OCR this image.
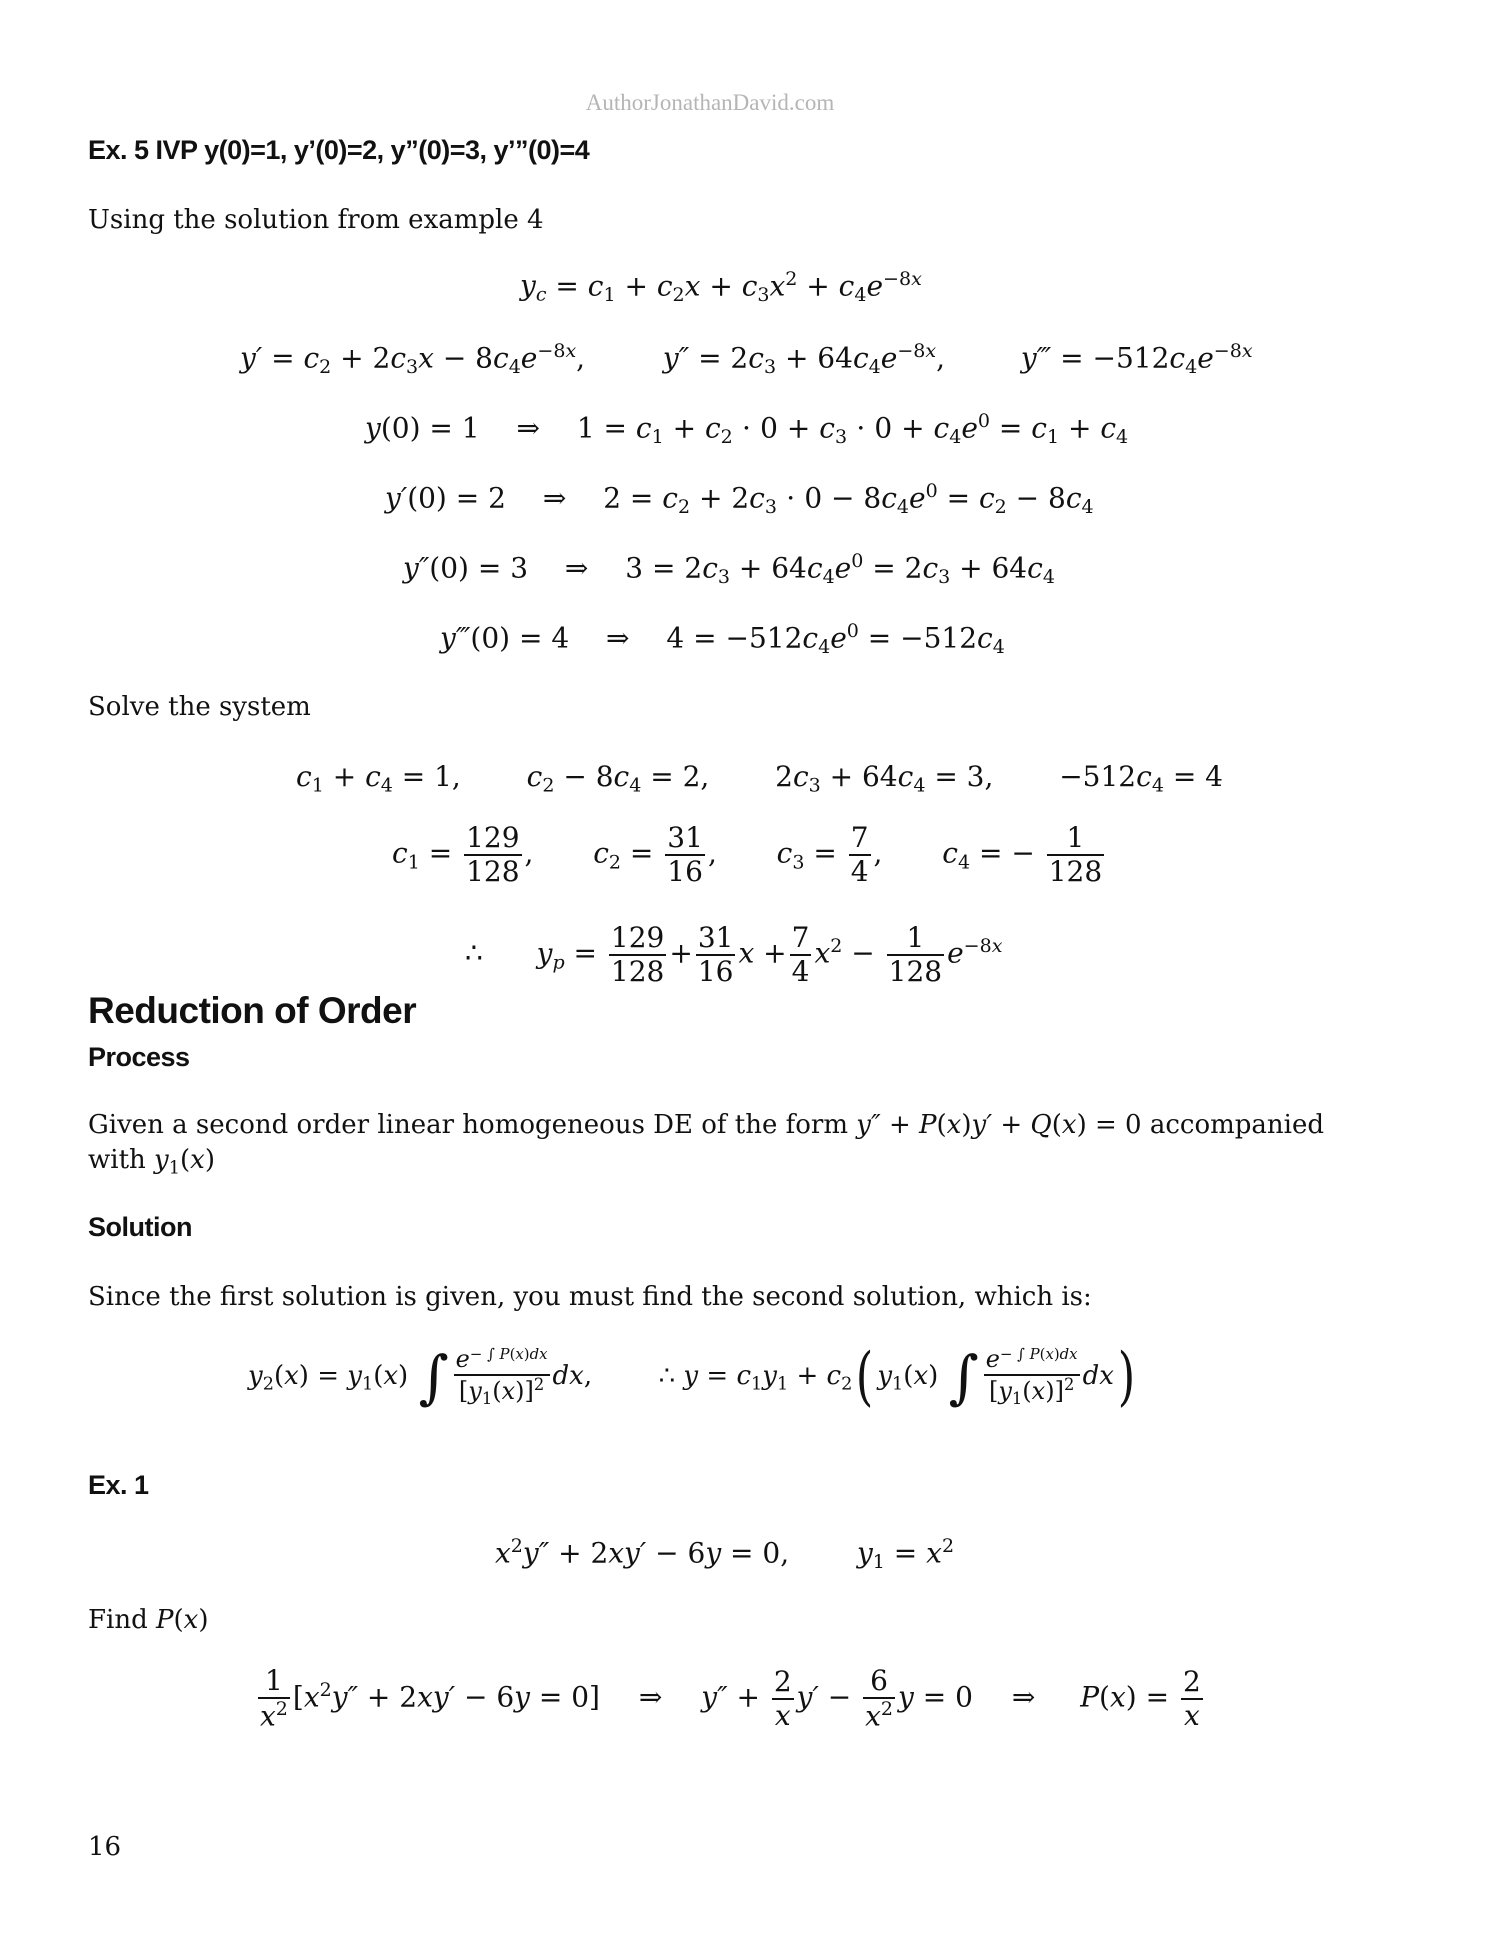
AuthorJonathanDavid.com
Ex. 5 IVP y(0)=1, y’(0)=2, y”(0)=3, y’”(0)=4
Using the solution from example 4
$y_c = c_1 + c_2x + c_3x^2 + c_4e^{-8x}$
$y' = c_2 + 2c_3x - 8c_4e^{-8x}$,  $y'' = 2c_3 + 64c_4e^{-8x}$,  y‴ = $-512c_4e^{-8x}$
y(0) = 1 ⇒ $1 = c_1 + c_2 \cdot 0 + c_3 \cdot 0 + c_4e^0 = c_1 + c_4$
y′(0) = 2 ⇒ $2 = c_2 + 2c_3 \cdot 0 - 8c_4e^0 = c_2 - 8c_4$
y″(0) = 3 ⇒ $3 = 2c_3 + 64c_4e^0 = 2c_3 + 64c_4$
y‴(0) = 4 ⇒ $4 = -512c_4e^0 = -512c_4$
Solve the system
$c_1 + c_4 = 1$,  $c_2 - 8c_4 = 2$,  $2c_3 + 64c_4 = 3$,  $-512c_4 = 4$
$c_1 = \frac{129}{128}$ ,  $c_2 = \frac{31}{16}$ ,  $c_3 = \frac{7}{4}$ ,  $c_4$ = − $\frac{1}{128}$
∴  $y_p = \frac{129}{128} + \frac{31}{16}$ $x + \frac{7}{4} x^2 - \frac{1}{128} e^{-8x}$
Reduction of Order
Process
Given a second order linear homogeneous DE of the form y″ + P(x)y′ + Q(x) = 0 accompanied
with $y_1(x)$
Solution
Since the first solution is given, you must find the second solution, which is:
$y_2(x) = y_1(x)$ ∫ $\frac{e^{- \int P(x)dx}}{[y_1(x)]^2}$ dx,  ∴ $y = c_1y_1 + c_2$( $y_1(x)$ ∫ $\frac{e^{- \int P(x)dx}}{[y_1(x)]^2} dx$)
Ex. 1
$x^2y'' + 2xy' - 6y = 0$,  $y_1 = x^2$
Find P(x)
$\frac{1}{x^2} [x^2y'' + 2xy' - 6y = 0]$ ⇒ $y'' + \frac{2}{x} y' - \frac{6}{x^2}$ y = 0 ⇒ $P(x) = \frac{2}{x}$
16
